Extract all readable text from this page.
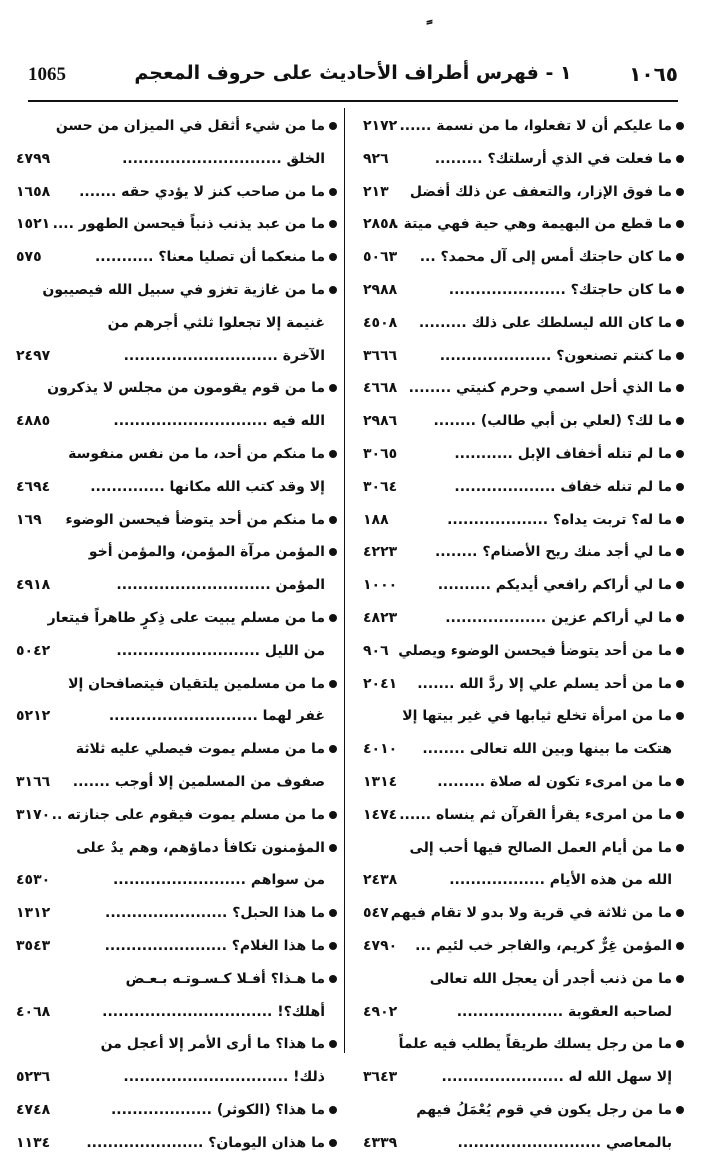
1065	١ - فهرس أطراف الأحاديث على حروف المعجم	١٠٦٥
ما عليكم أن لا تفعلوا، ما من نسمة ......
٢١٧٢
ما فعلت في الذي أرسلتك؟ .........
٩٢٦
ما فوق الإزار، والتعفف عن ذلك أفضل
٢١٣
ما قطع من البهيمة وهي حية فهي ميتة ..
٢٨٥٨
ما كان حاجتك أمس إلى آل محمد؟ ...
٥٠٦٣
ما كان حاجتك؟ ......................
٢٩٨٨
ما كان الله ليسلطك على ذلك .........
٤٥٠٨
ما كنتم تصنعون؟ .....................
٣٦٦٦
ما الذي أحل اسمي وحرم كنيتي ........
٤٦٦٨
ما لك؟ (لعلي بن أبي طالب) ........
٢٩٨٦
ما لم تنله أخفاف الإبل ...........
٣٠٦٥
ما لم تنله خفاف ...................
٣٠٦٤
ما له؟ تربت يداه؟ ...................
١٨٨
ما لي أجد منك ريح الأصنام؟ ........
٤٢٢٣
ما لي أراكم رافعي أيديكم ..........
١٠٠٠
ما لي أراكم عزين ...................
٤٨٢٣
ما من أحد يتوضأ فيحسن الوضوء ويصلي
٩٠٦
ما من أحد يسلم علي إلا ردَّ الله .......
٢٠٤١
ما من امرأة تخلع ثيابها في غير بيتها إلا
هتكت ما بينها وبين الله تعالى ........
٤٠١٠
ما من امرىء تكون له صلاة .........
١٣١٤
ما من امرىء يقرأ القرآن ثم ينساه ......
١٤٧٤
ما من أيام العمل الصالح فيها أحب إلى
الله من هذه الأيام ..................
٢٤٣٨
ما من ثلاثة في قرية ولا بدو لا تقام فيهم
٥٤٧
المؤمن غِرٌّ كريم، والفاجر خب لئيم ...
٤٧٩٠
ما من ذنب أجدر أن يعجل الله تعالى
لصاحبه العقوبة ....................
٤٩٠٢
ما من رجل يسلك طريقاً يطلب فيه علماً
إلا سهل الله له .......................
٣٦٤٣
ما من رجل يكون في قوم يُعْمَلُ فيهم
بالمعاصي ...........................
٤٣٣٩
ما من شيء أثقل في الميزان من حسن
الخلق ..............................
٤٧٩٩
ما من صاحب كنز لا يؤدي حقه .......
١٦٥٨
ما من عبد يذنب ذنباً فيحسن الطهور ....
١٥٢١
ما منعكما أن تصليا معنا؟ ...........
٥٧٥
ما من غازية تغزو في سبيل الله فيصيبون
غنيمة إلا تجعلوا ثلثي أجرهم من
الآخرة .............................
٢٤٩٧
ما من قوم يقومون من مجلس لا يذكرون
الله فيه .............................
٤٨٨٥
ما منكم من أحد، ما من نفس منفوسة
إلا وقد كتب الله مكانها ..............
٤٦٩٤
ما منكم من أحد يتوضأ فيحسن الوضوء
١٦٩
المؤمن مرآة المؤمن، والمؤمن أخو
المؤمن .............................
٤٩١٨
ما من مسلم يبيت على ذِكرٍ طاهراً فيتعار
من الليل ...........................
٥٠٤٢
ما من مسلمين يلتقيان فيتصافحان إلا
غفر لهما ............................
٥٢١٢
ما من مسلم يموت فيصلي عليه ثلاثة
صفوف من المسلمين إلا أوجب .......
٣١٦٦
ما من مسلم يموت فيقوم على جنازته ..
٣١٧٠
المؤمنون تكافأ دماؤهم، وهم يدٌ على
من سواهم .........................
٤٥٣٠
ما هذا الحبل؟ .......................
١٣١٢
ما هذا الغلام؟ .......................
٣٥٤٣
ما هـذا؟ أفـلا كـسـوتـه بـعـض
أهلك؟! ................................
٤٠٦٨
ما هذا؟ ما أرى الأمر إلا أعجل من
ذلك! ...............................
٥٢٣٦
ما هذا؟ (الكوثر) ...................
٤٧٤٨
ما هذان اليومان؟ ......................
١١٣٤
